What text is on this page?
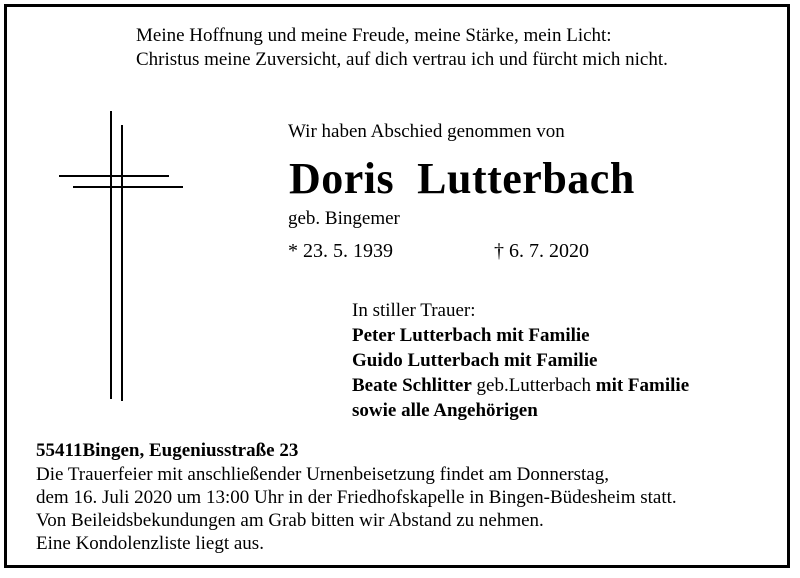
Meine Hoffnung und meine Freude, meine Stärke, mein Licht:
Christus meine Zuversicht, auf dich vertrau ich und fürcht mich nicht.
Wir haben Abschied genommen von
Doris  Lutterbach
geb. Bingemer
* 23. 5. 1939	† 6. 7. 2020
In stiller Trauer:
Peter Lutterbach mit Familie
Guido Lutterbach mit Familie
Beate Schlitter geb.Lutterbach mit Familie
sowie alle Angehörigen
55411Bingen, Eugeniusstraße 23
Die Trauerfeier mit anschließender Urnenbeisetzung findet am Donnerstag,
dem 16. Juli 2020 um 13:00 Uhr in der Friedhofskapelle in Bingen-Büdesheim statt.
Von Beileidsbekundungen am Grab bitten wir Abstand zu nehmen.
Eine Kondolenzliste liegt aus.
